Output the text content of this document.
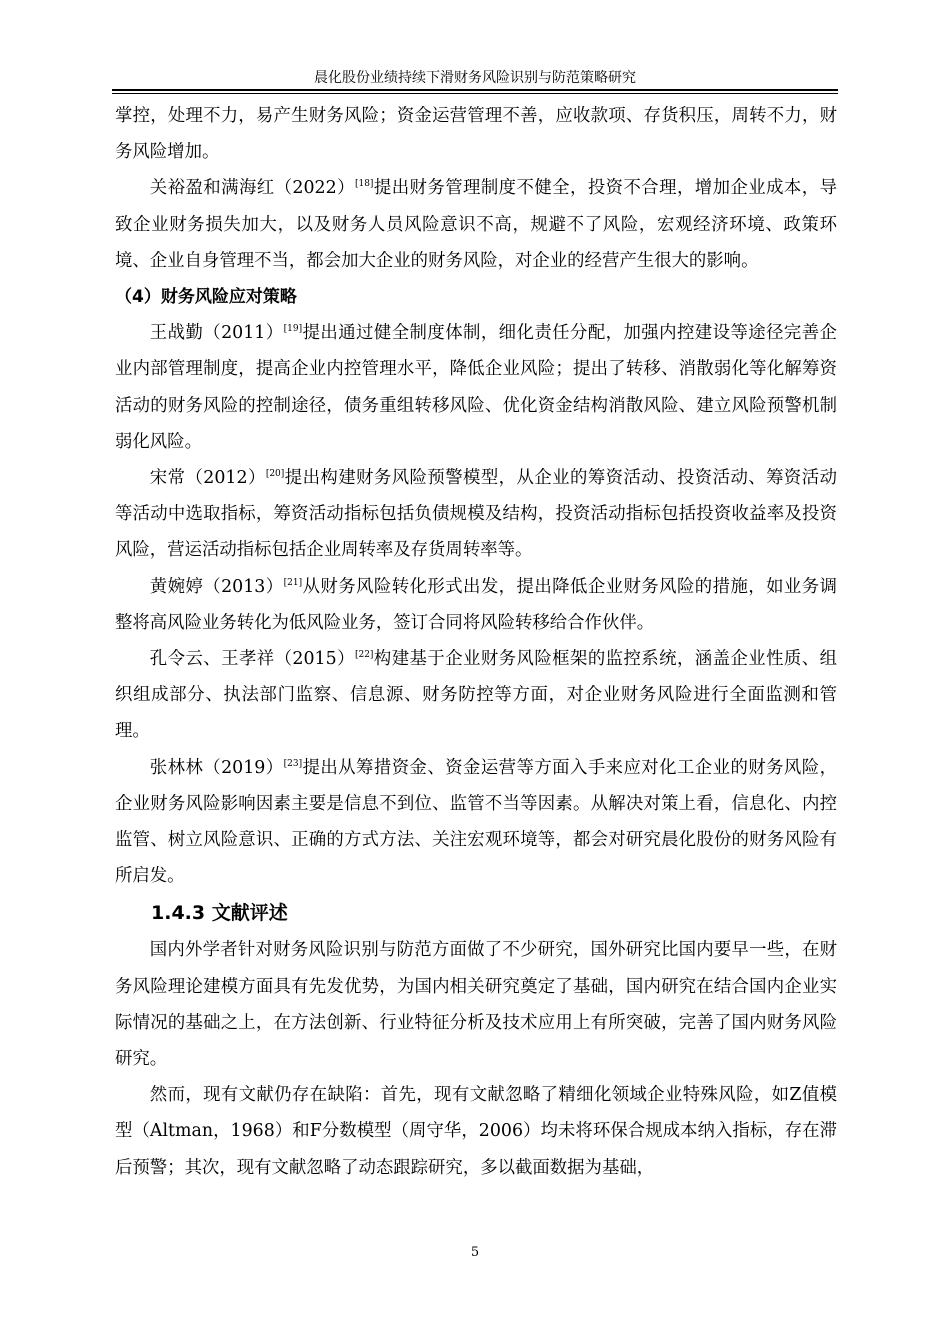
晨化股份业绩持续下滑财务风险识别与防范策略研究

掌控，处理不力，易产生财务风险；资金运营管理不善，应收款项、存货积压，周转不力，财务风险增加。

关裕盈和满海红（2022）[18]提出财务管理制度不健全，投资不合理，增加企业成本，导致企业财务损失加大，以及财务人员风险意识不高，规避不了风险，宏观经济环境、政策环境、企业自身管理不当，都会加大企业的财务风险，对企业的经营产生很大的影响。

（4）财务风险应对策略

王战勤（2011）[19]提出通过健全制度体制，细化责任分配，加强内控建设等途径完善企业内部管理制度，提高企业内控管理水平，降低企业风险；提出了转移、消散弱化等化解筹资活动的财务风险的控制途径，债务重组转移风险、优化资金结构消散风险、建立风险预警机制弱化风险。

宋常（2012）[20]提出构建财务风险预警模型，从企业的筹资活动、投资活动、筹资活动等活动中选取指标，筹资活动指标包括负债规模及结构，投资活动指标包括投资收益率及投资风险，营运活动指标包括企业周转率及存货周转率等。

黄婉婷（2013）[21]从财务风险转化形式出发，提出降低企业财务风险的措施，如业务调整将高风险业务转化为低风险业务，签订合同将风险转移给合作伙伴。

孔令云、王孝祥（2015）[22]构建基于企业财务风险框架的监控系统，涵盖企业性质、组织组成部分、执法部门监察、信息源、财务防控等方面，对企业财务风险进行全面监测和管理。

张林林（2019）[23]提出从筹措资金、资金运营等方面入手来应对化工企业的财务风险，企业财务风险影响因素主要是信息不到位、监管不当等因素。从解决对策上看，信息化、内控监管、树立风险意识、正确的方式方法、关注宏观环境等，都会对研究晨化股份的财务风险有所启发。

1.4.3 文献评述

国内外学者针对财务风险识别与防范方面做了不少研究，国外研究比国内要早一些，在财务风险理论建模方面具有先发优势，为国内相关研究奠定了基础，国内研究在结合国内企业实际情况的基础之上，在方法创新、行业特征分析及技术应用上有所突破，完善了国内财务风险研究。

然而，现有文献仍存在缺陷：首先，现有文献忽略了精细化领域企业特殊风险，如Z值模型（Altman，1968）和F分数模型（周守华，2006）均未将环保合规成本纳入指标，存在滞后预警；其次，现有文献忽略了动态跟踪研究，多以截面数据为基础，

5
